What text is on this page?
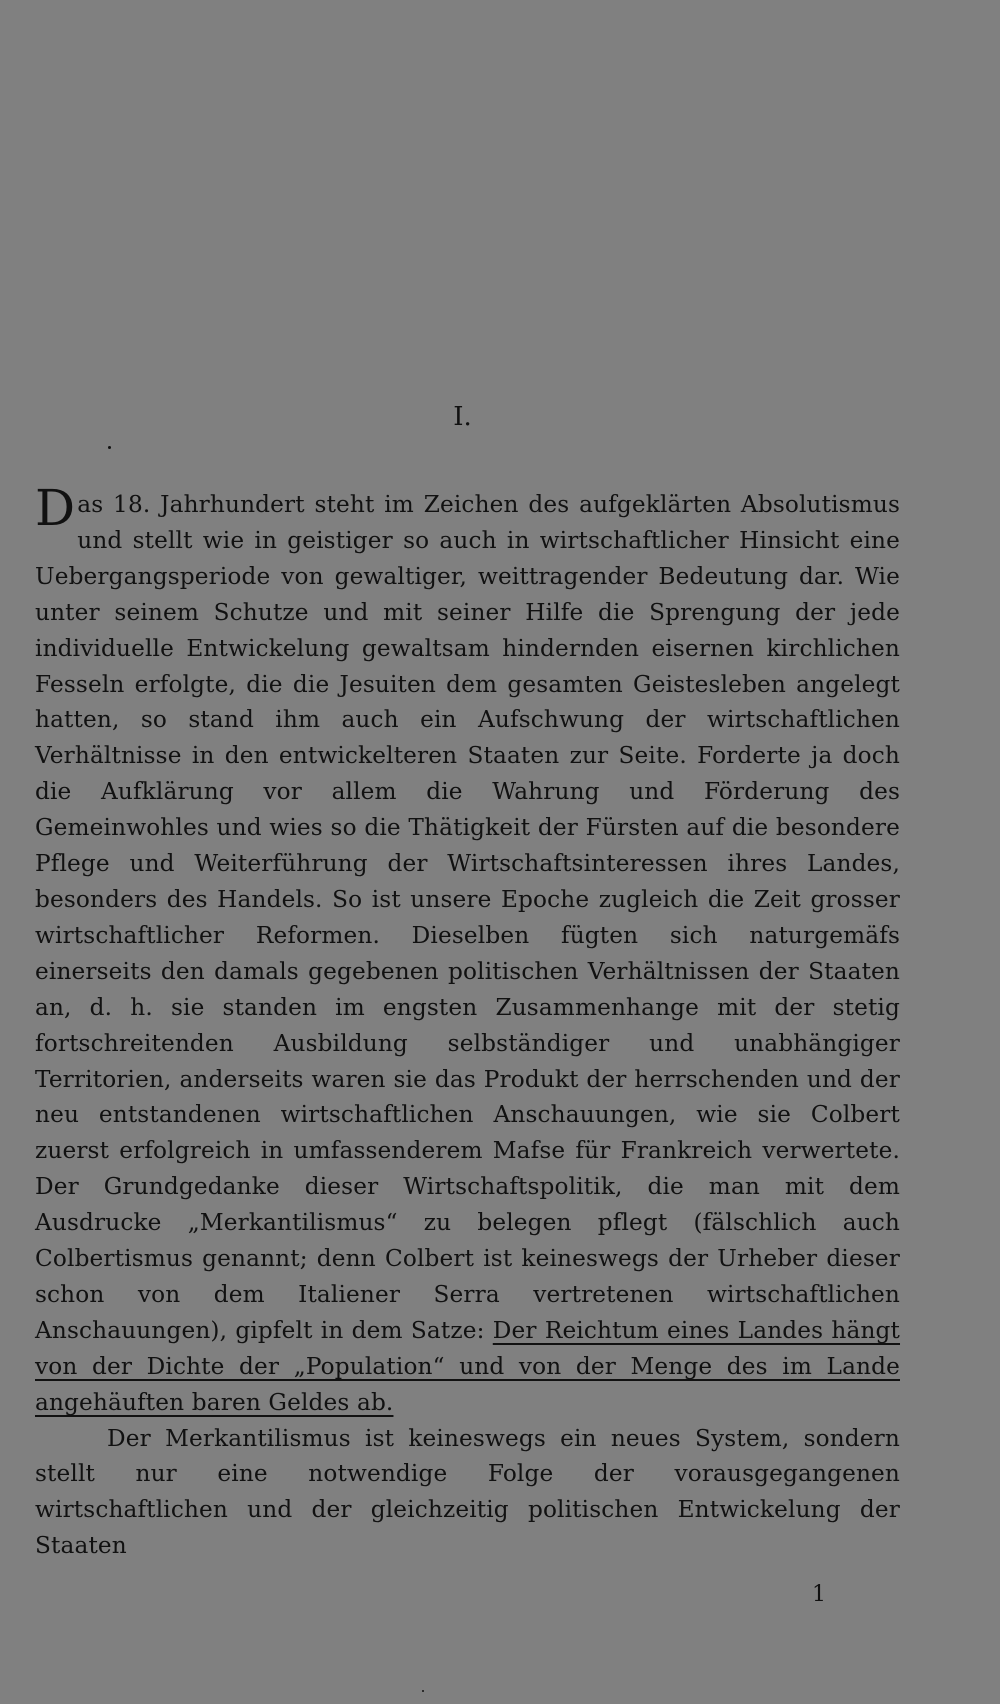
I.

Das 18. Jahrhundert steht im Zeichen des aufgeklärten Absolutismus und stellt wie in geistiger so auch in wirtschaftlicher Hinsicht eine Uebergangsperiode von gewaltiger, weittragender Bedeutung dar. Wie unter seinem Schutze und mit seiner Hilfe die Sprengung der jede individuelle Entwickelung gewaltsam hindernden eisernen kirchlichen Fesseln erfolgte, die die Jesuiten dem gesamten Geistesleben angelegt hatten, so stand ihm auch ein Aufschwung der wirtschaftlichen Verhältnisse in den entwickelteren Staaten zur Seite. Forderte ja doch die Aufklärung vor allem die Wahrung und Förderung des Gemeinwohles und wies so die Thätigkeit der Fürsten auf die besondere Pflege und Weiterführung der Wirtschaftsinteressen ihres Landes, besonders des Handels. So ist unsere Epoche zugleich die Zeit grosser wirtschaftlicher Reformen. Dieselben fügten sich naturgemäfs einerseits den damals gegebenen politischen Verhältnissen der Staaten an, d. h. sie standen im engsten Zusammenhange mit der stetig fortschreitenden Ausbildung selbständiger und unabhängiger Territorien, anderseits waren sie das Produkt der herrschenden und der neu entstandenen wirtschaftlichen Anschauungen, wie sie Colbert zuerst erfolgreich in umfassenderem Mafse für Frankreich verwertete. Der Grundgedanke dieser Wirtschaftspolitik, die man mit dem Ausdrucke „Merkantilismus“ zu belegen pflegt (fälschlich auch Colbertismus genannt; denn Colbert ist keineswegs der Urheber dieser schon von dem Italiener Serra vertretenen wirtschaftlichen Anschauungen), gipfelt in dem Satze: Der Reichtum eines Landes hängt von der Dichte der „Population“ und von der Menge des im Lande angehäuften baren Geldes ab.

Der Merkantilismus ist keineswegs ein neues System, sondern stellt nur eine notwendige Folge der vorausgegangenen wirtschaftlichen und der gleichzeitig politischen Entwickelung der Staaten

1
